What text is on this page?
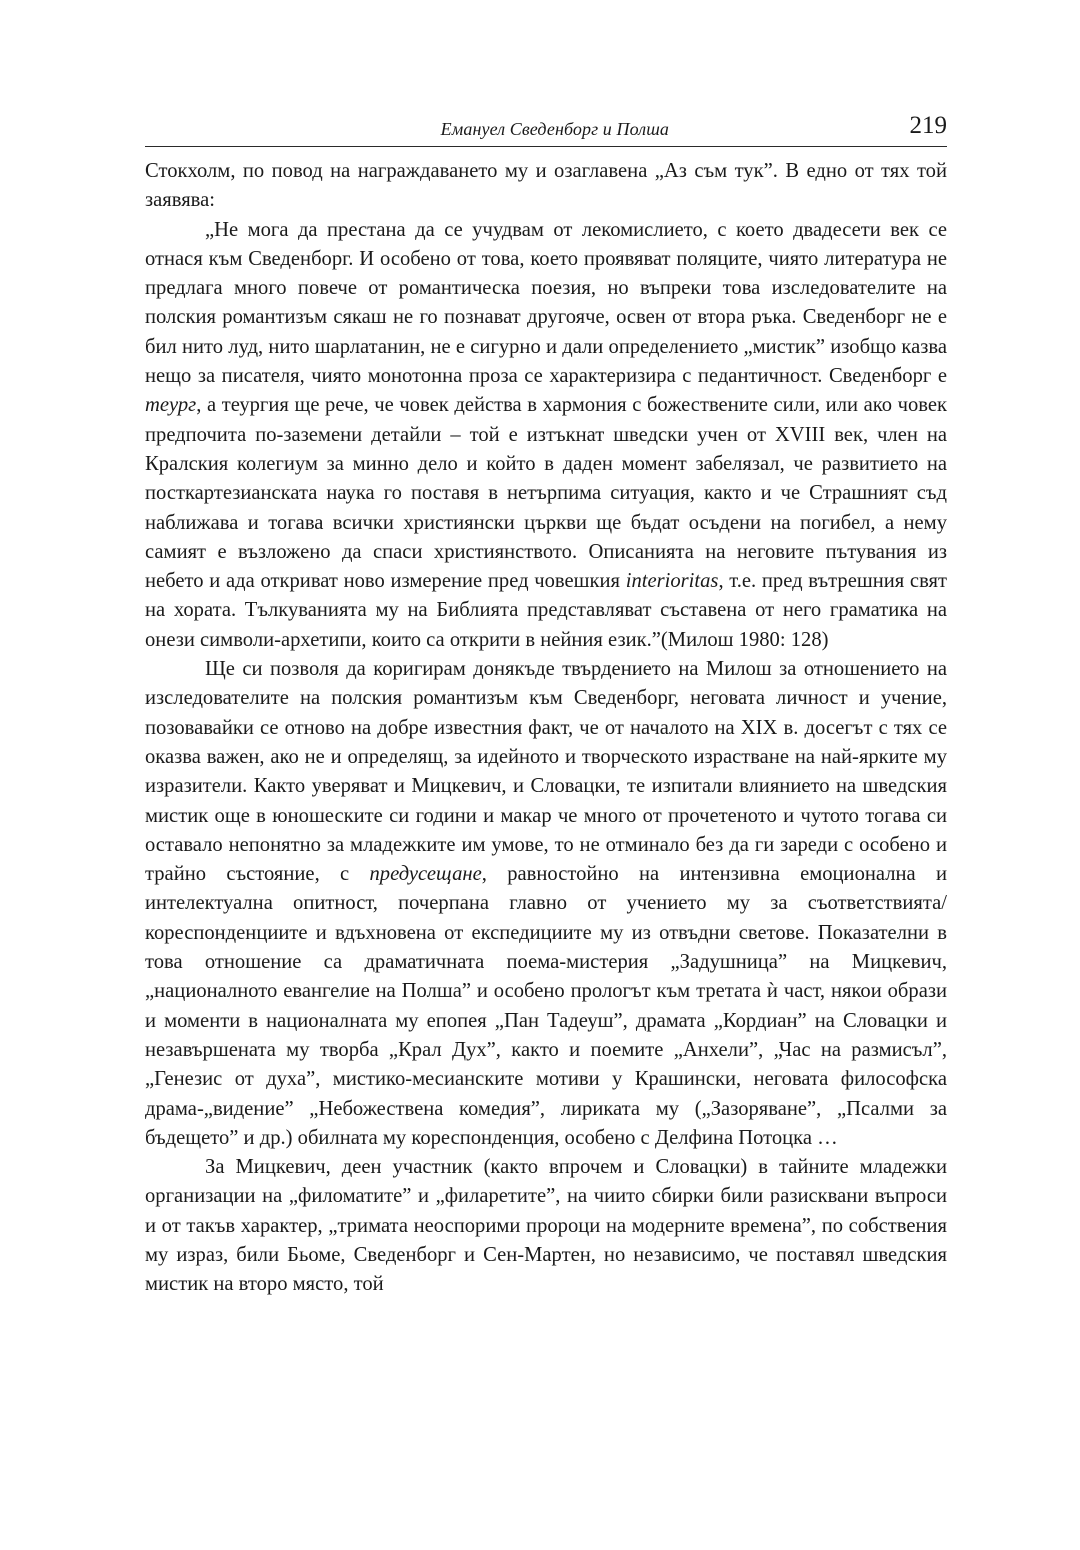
Емануел Сведенборг и Полша	219

Стокхолм, по повод на награждаването му и озаглавена „Аз съм тук”. В едно от тях той заявява:

„Не мога да престана да се учудвам от лекомислието, с което двадесети век се отнася към Сведенборг. И особено от това, което проявяват поляците, чиято литература не предлага много повече от романтическа поезия, но въпреки това изследователите на полския романтизъм сякаш не го познават другояче, освен от втора ръка. Сведенборг не е бил нито луд, нито шарлатанин, не е сигурно и дали определението „мистик” изобщо казва нещо за писателя, чиято монотонна проза се характеризира с педантичност. Сведенборг е теург, а теургия ще рече, че човек действа в хармония с божествените сили, или ако човек предпочита по-заземени детайли – той е изтъкнат шведски учен от XVIII век, член на Кралския колегиум за минно дело и който в даден момент забелязал, че развитието на посткартезианската наука го поставя в нетърпима ситуация, както и че Страшният съд наближава и тогава всички християнски църкви ще бъдат осъдени на погибел, а нему самият е възложено да спаси християнството. Описанията на неговите пътувания из небето и ада откриват ново измерение пред човешкия interioritas, т.е. пред вътрешния свят на хората. Тълкуванията му на Библията представляват съставена от него граматика на онези символи-архетипи, които са открити в нейния език.”(Милош 1980: 128)

Ще си позволя да коригирам донякъде твърдението на Милош за отношението на изследователите на полския романтизъм към Сведенборг, неговата личност и учение, позовавайки се отново на добре известния факт, че от началото на XIX в. досегът с тях се оказва важен, ако не и определящ, за идейното и творческото израстване на най-ярките му изразители. Както уверяват и Мицкевич, и Словацки, те изпитали влиянието на шведския мистик още в юношеските си години и макар че много от прочетеното и чутото тогава си оставало непонятно за младежките им умове, то не отминало без да ги зареди с особено и трайно състояние, с предусещане, равностойно на интензивна емоционална и интелектуална опитност, почерпана главно от учението му за съответствията/кореспонденциите и вдъхновена от експедициите му из отвъдни светове. Показателни в това отношение са драматичната поема-мистерия „Задушница” на Мицкевич, „националното евангелие на Полша” и особено прологът към третата ѝ част, някои образи и моменти в националната му епопея „Пан Тадеуш”, драмата „Кордиан” на Словацки и незавършената му творба „Крал Дух”, както и поемите „Анхели”, „Час на размисъл”, „Генезис от духа”, мистико-месианските мотиви у Крашински, неговата философска драма-„видение” „Небожествена комедия”, лириката му („Зазоряване”, „Псалми за бъдещето” и др.) обилната му кореспонденция, особено с Делфина Потоцка …

За Мицкевич, деен участник (както впрочем и Словацки) в тайните младежки организации на „филоматите” и „филаретите”, на чиито сбирки били разисквани въпроси и от такъв характер, „тримата неоспорими пророци на модерните времена”, по собствения му израз, били Бьоме, Сведенборг и Сен-Мартен, но независимо, че поставял шведския мистик на второ място, той
